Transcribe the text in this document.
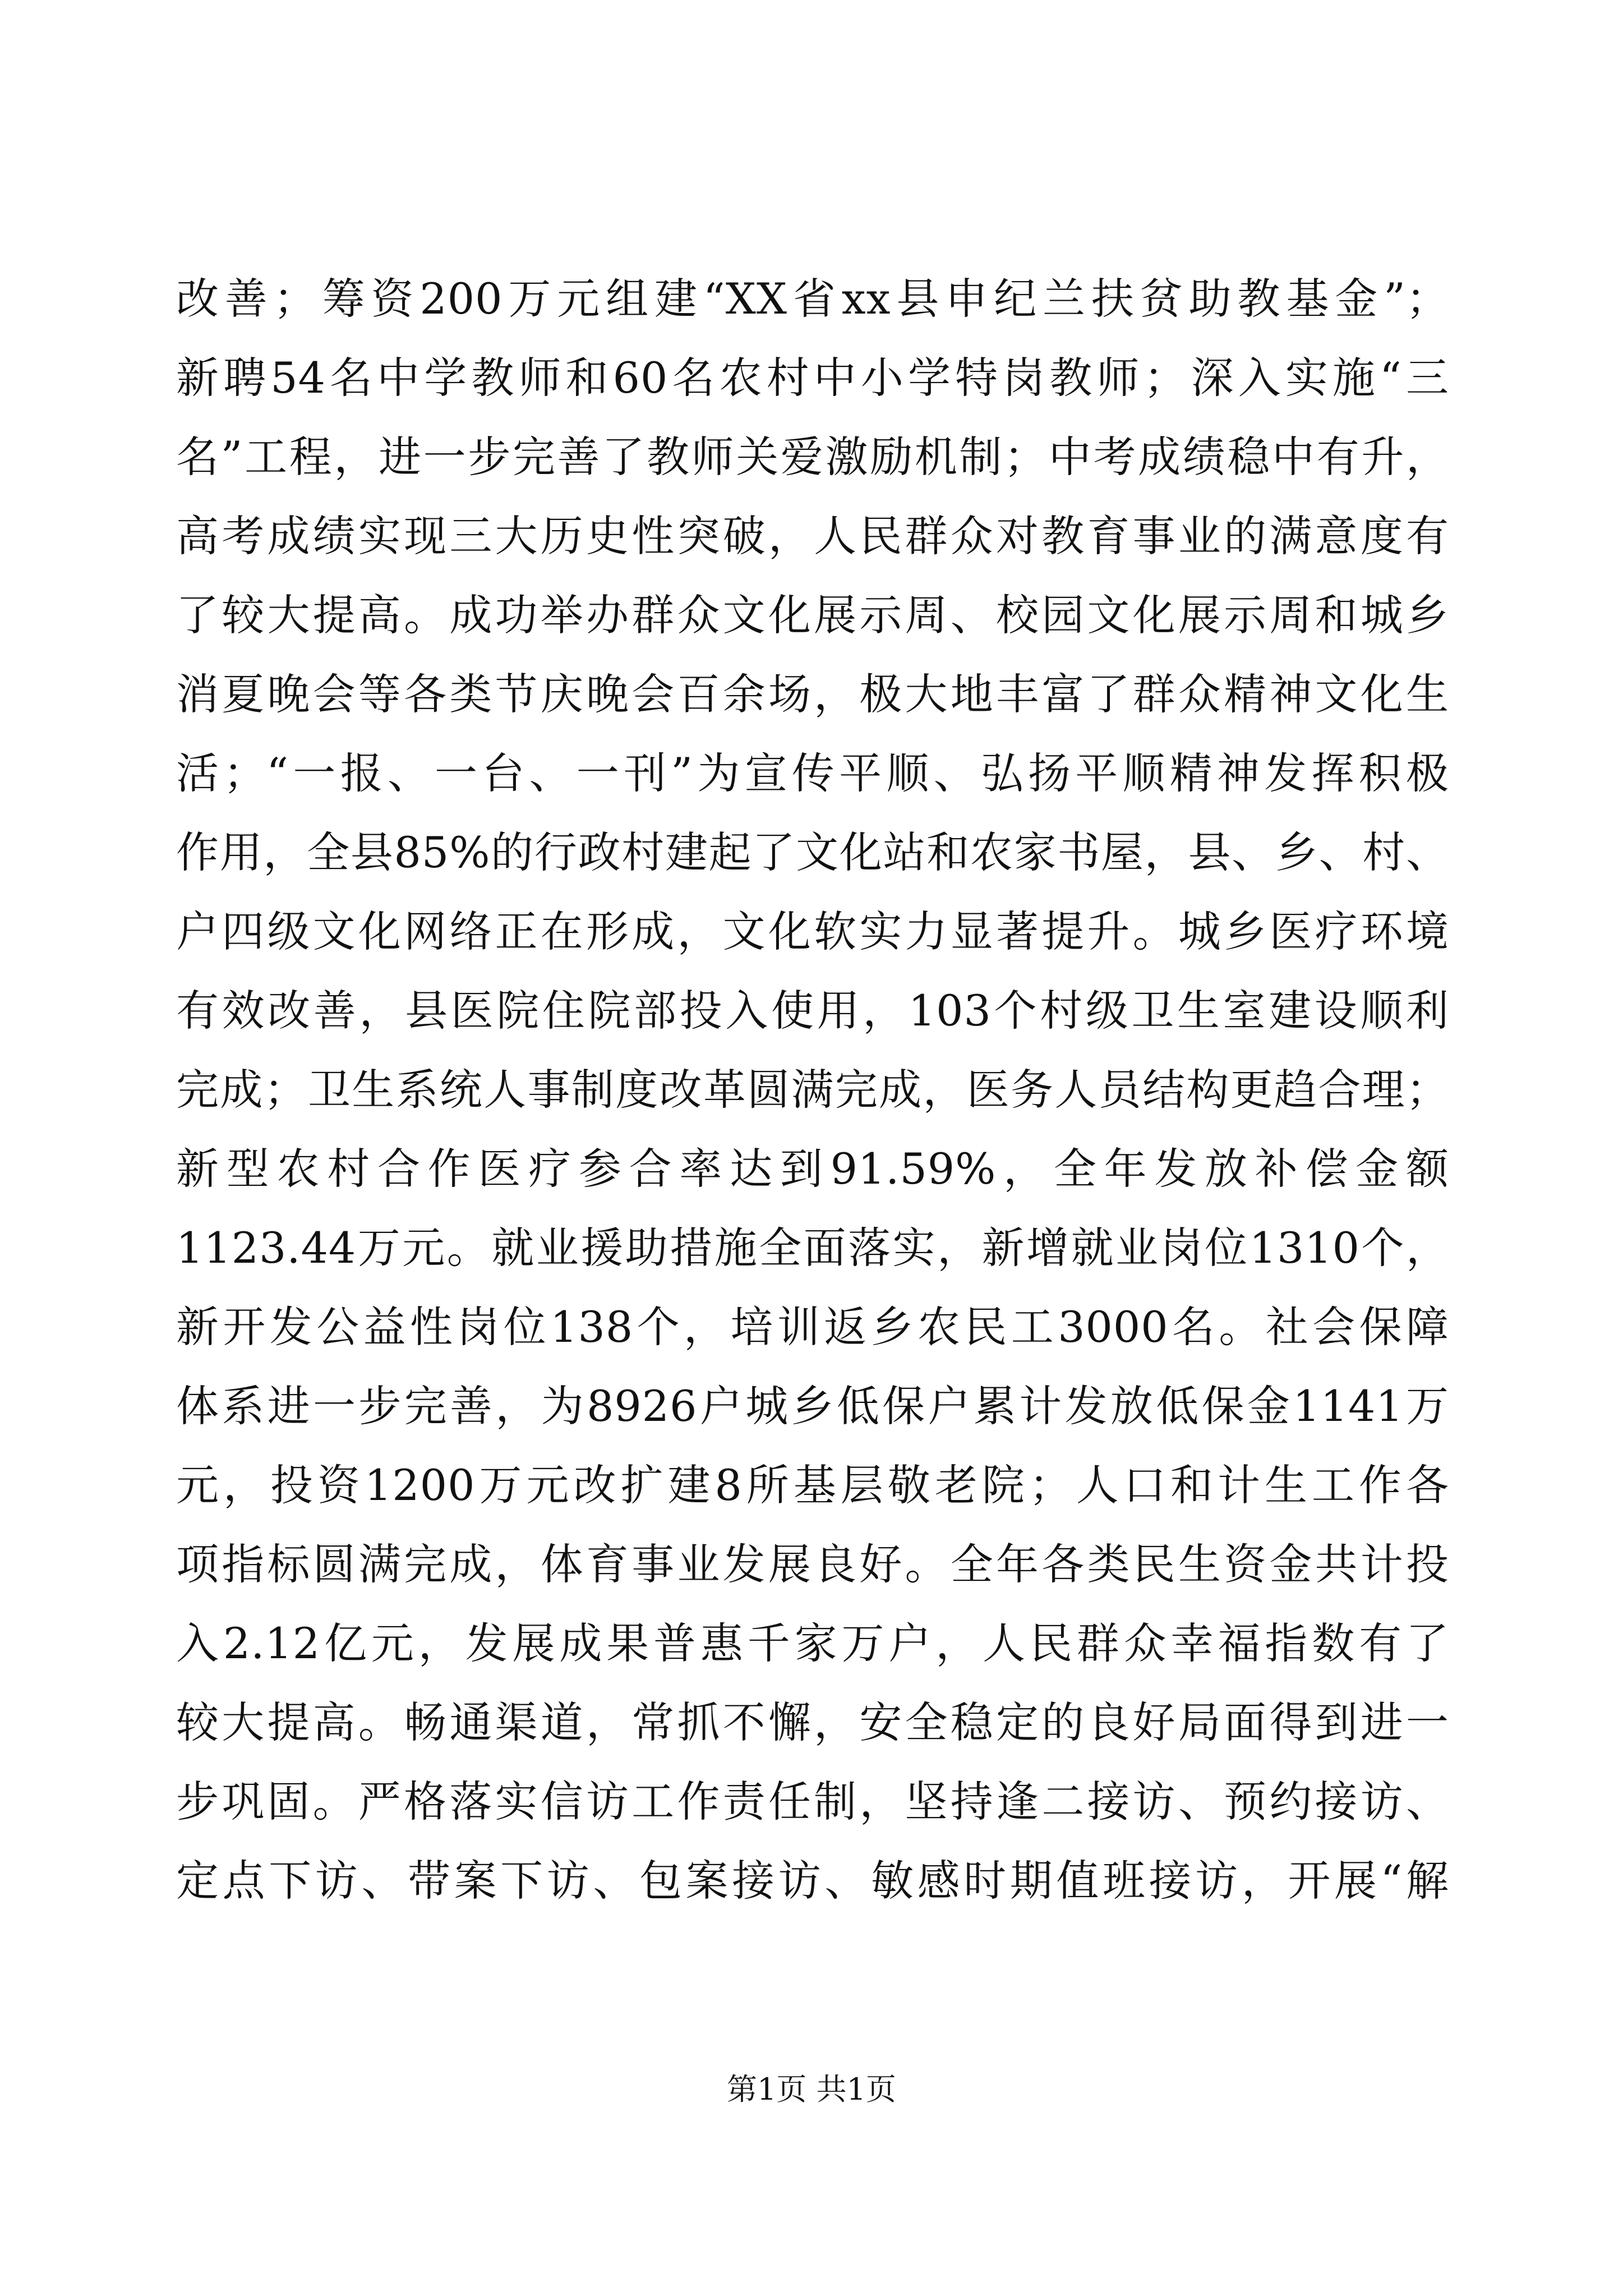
改善；筹资200万元组建“XX省xx县申纪兰扶贫助教基金”；
新聘54名中学教师和60名农村中小学特岗教师；深入实施“三
名”工程，进一步完善了教师关爱激励机制；中考成绩稳中有升，
高考成绩实现三大历史性突破，人民群众对教育事业的满意度有
了较大提高。成功举办群众文化展示周、校园文化展示周和城乡
消夏晚会等各类节庆晚会百余场，极大地丰富了群众精神文化生
活；“一报、一台、一刊”为宣传平顺、弘扬平顺精神发挥积极
作用，全县85%的行政村建起了文化站和农家书屋，县、乡、村、
户四级文化网络正在形成，文化软实力显著提升。城乡医疗环境
有效改善，县医院住院部投入使用，103个村级卫生室建设顺利
完成；卫生系统人事制度改革圆满完成，医务人员结构更趋合理；
新型农村合作医疗参合率达到91.59%，全年发放补偿金额
1123.44万元。就业援助措施全面落实，新增就业岗位1310个，
新开发公益性岗位138个，培训返乡农民工3000名。社会保障
体系进一步完善，为8926户城乡低保户累计发放低保金1141万
元，投资1200万元改扩建8所基层敬老院；人口和计生工作各
项指标圆满完成，体育事业发展良好。全年各类民生资金共计投
入2.12亿元，发展成果普惠千家万户，人民群众幸福指数有了
较大提高。畅通渠道，常抓不懈，安全稳定的良好局面得到进一
步巩固。严格落实信访工作责任制，坚持逢二接访、预约接访、
定点下访、带案下访、包案接访、敏感时期值班接访，开展“解
第1页 共1页
